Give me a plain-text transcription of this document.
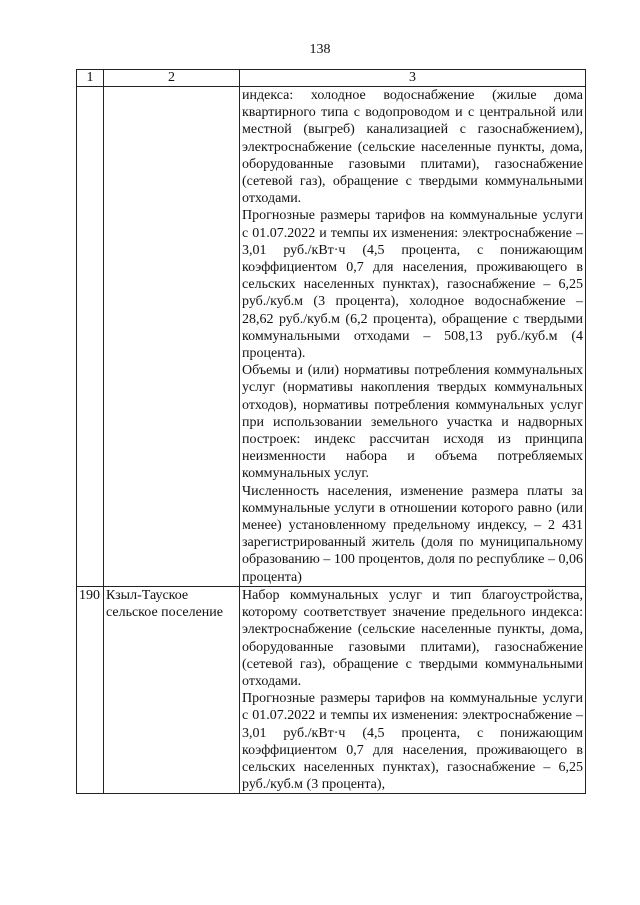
138
1	2	3

		индекса: холодное водоснабжение (жилые дома квартирного типа с водопроводом и с центральной или местной (выгреб) канализацией с газоснабжением), электроснабжение (сельские населенные пункты, дома, оборудованные газовыми плитами), газоснабжение (сетевой газ), обращение с твердыми коммунальными отходами.

Прогнозные размеры тарифов на коммунальные услуги с 01.07.2022 и темпы их изменения: электроснабжение – 3,01 руб./кВт·ч (4,5 процента, с понижающим коэффициентом 0,7 для населения, проживающего в сельских населенных пунктах), газоснабжение – 6,25 руб./куб.м (3 процента), холодное водоснабжение – 28,62 руб./куб.м (6,2 процента), обращение с твердыми коммунальными отходами – 508,13 руб./куб.м (4 процента).

Объемы и (или) нормативы потребления коммунальных услуг (нормативы накопления твердых коммунальных отходов), нормативы потребления коммунальных услуг при использовании земельного участка и надворных построек: индекс рассчитан исходя из принципа неизменности набора и объема потребляемых коммунальных услуг.

Численность населения, изменение размера платы за коммунальные услуги в отношении которого равно (или менее) установленному предельному индексу, – 2 431 зарегистрированный житель (доля по муниципальному образованию – 100 процентов, доля по республике – 0,06 процента)

190	Кзыл-Тауское сельское поселение	Набор коммунальных услуг и тип благоустройства, которому соответствует значение предельного индекса: электроснабжение (сельские населенные пункты, дома, оборудованные газовыми плитами), газоснабжение (сетевой газ), обращение с твердыми коммунальными отходами.

Прогнозные размеры тарифов на коммунальные услуги с 01.07.2022 и темпы их изменения: электроснабжение – 3,01 руб./кВт·ч (4,5 процента, с понижающим коэффициентом 0,7 для населения, проживающего в сельских населенных пунктах), газоснабжение – 6,25 руб./куб.м (3 процента),
